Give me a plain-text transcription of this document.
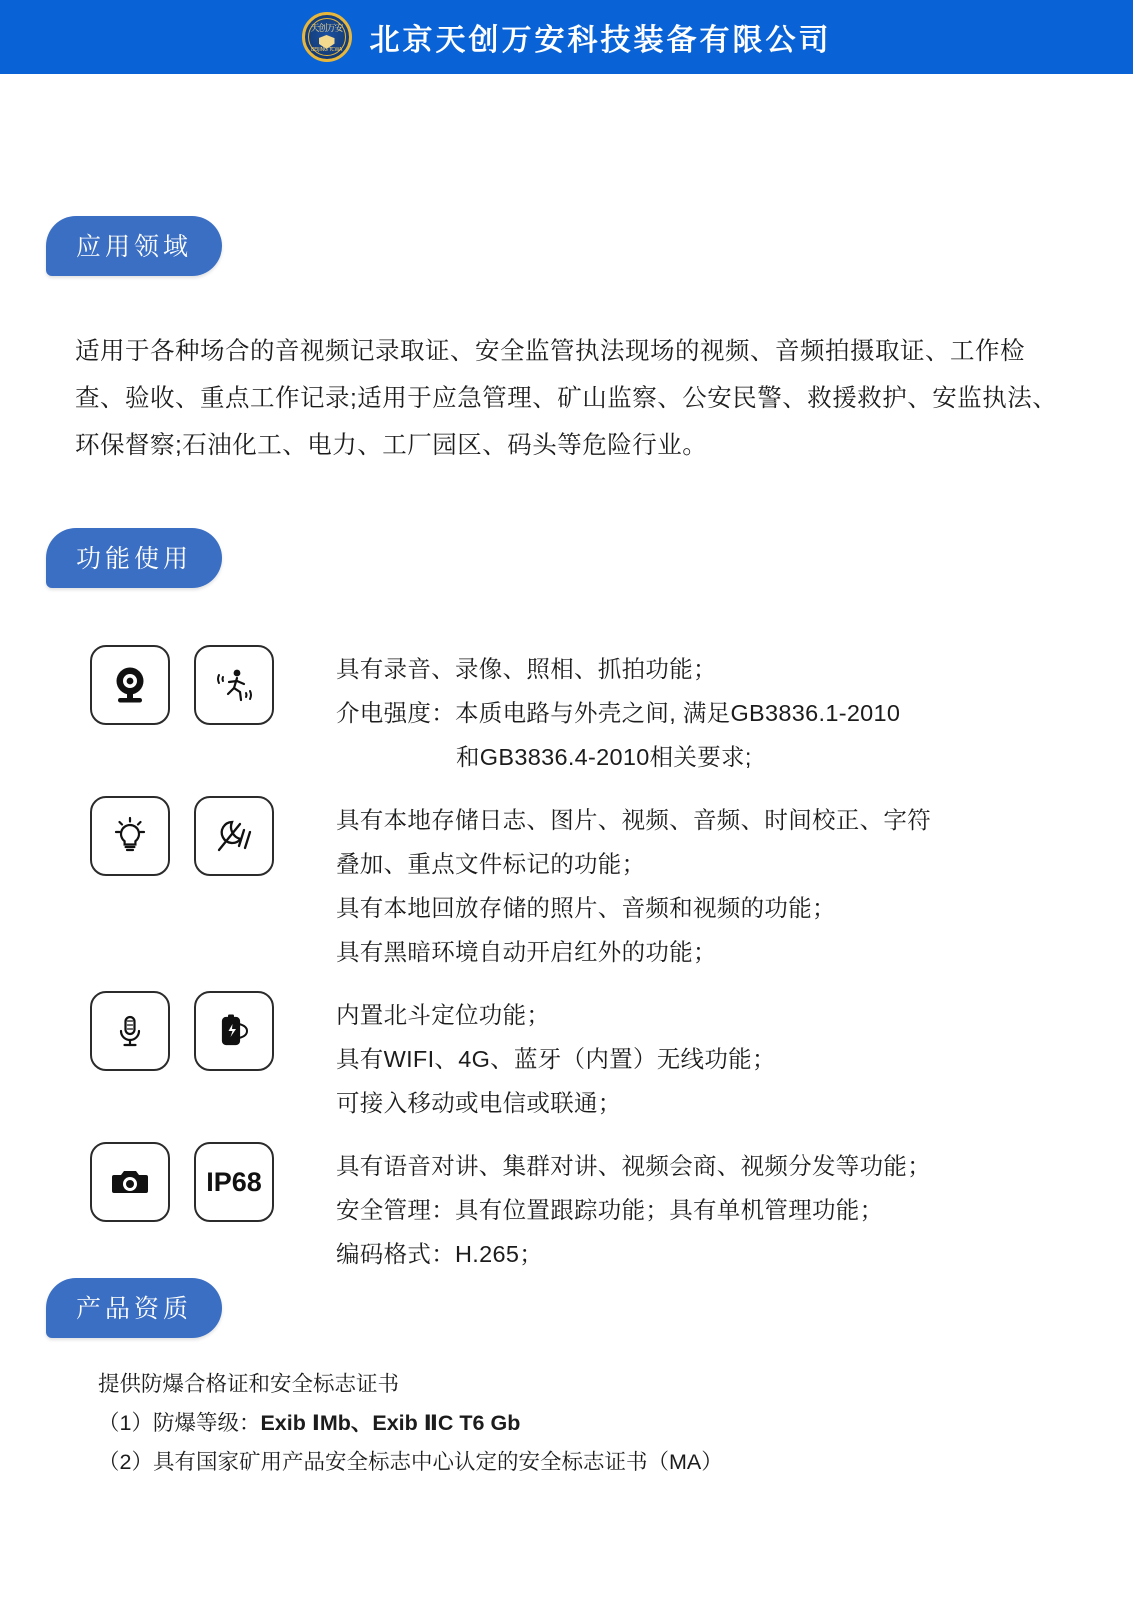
天创万安
BEIJING TCWA 北京天创万安科技装备有限公司
应用领域
适用于各种场合的音视频记录取证、安全监管执法现场的视频、音频拍摄取证、工作检查、验收、重点工作记录;适用于应急管理、矿山监察、公安民警、救援救护、安监执法、环保督察;石油化工、电力、工厂园区、码头等危险行业。
功能使用
具有录音、录像、照相、抓拍功能；
介电强度：本质电路与外壳之间, 满足GB3836.1-2010
和GB3836.4-2010相关要求;
具有本地存储日志、图片、视频、音频、时间校正、字符
叠加、重点文件标记的功能；
具有本地回放存储的照片、音频和视频的功能；
具有黑暗环境自动开启红外的功能；
内置北斗定位功能；
具有WIFI、4G、蓝牙（内置）无线功能；
可接入移动或电信或联通；
IP68
具有语音对讲、集群对讲、视频会商、视频分发等功能；
安全管理：具有位置跟踪功能；具有单机管理功能；
编码格式：H.265；
产品资质
提供防爆合格证和安全标志证书
（1）防爆等级：Exib ⅠMb、Exib ⅡC T6 Gb
（2）具有国家矿用产品安全标志中心认定的安全标志证书（MA）
